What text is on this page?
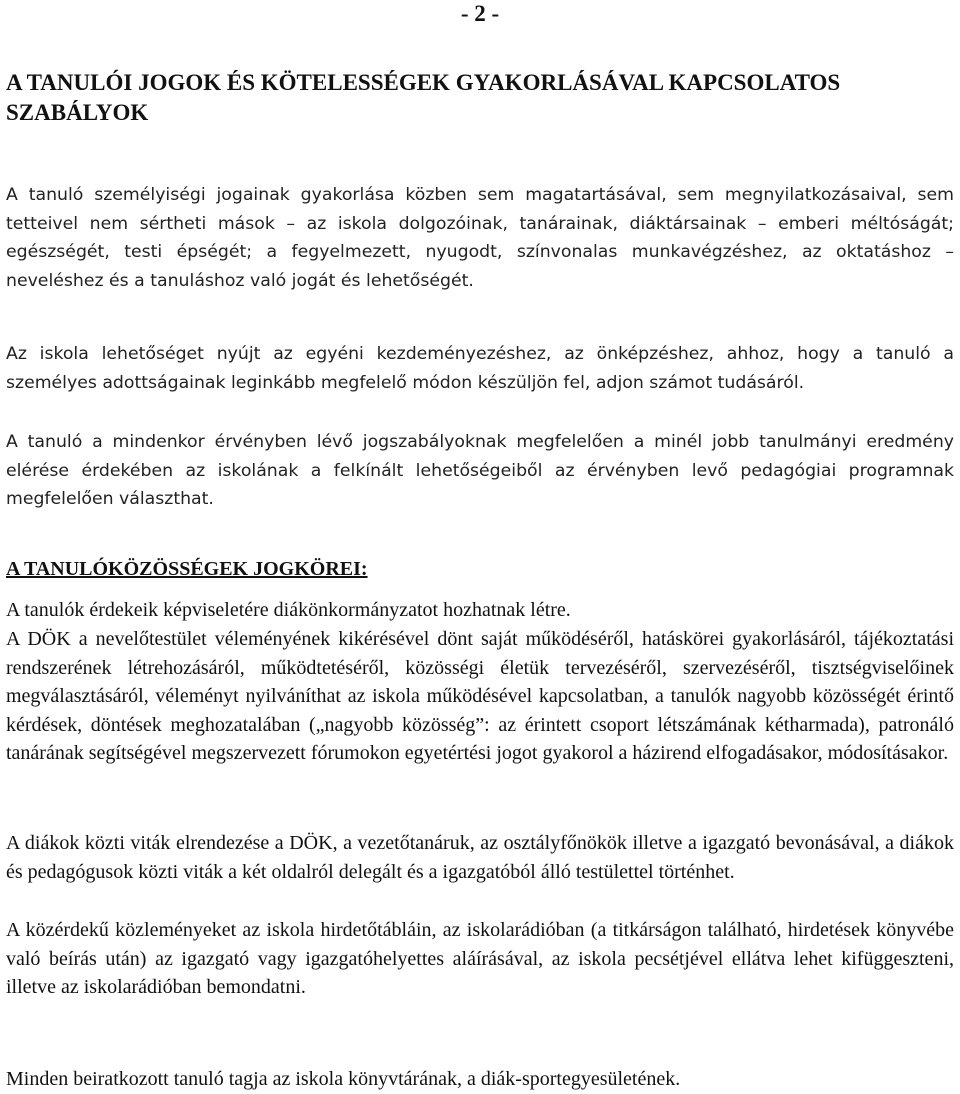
- 2 -
A TANULÓI JOGOK ÉS KÖTELESSÉGEK GYAKORLÁSÁVAL KAPCSOLATOS SZABÁLYOK

A tanuló személyiségi jogainak gyakorlása közben sem magatartásával, sem megnyilatkozásaival, sem tetteivel nem sértheti mások – az iskola dolgozóinak, tanárainak, diáktársainak – emberi méltóságát; egészségét, testi épségét; a fegyelmezett, nyugodt, színvonalas munkavégzéshez, az oktatáshoz – neveléshez és a tanuláshoz való jogát és lehetőségét.

Az iskola lehetőséget nyújt az egyéni kezdeményezéshez, az önképzéshez, ahhoz, hogy a tanuló a személyes adottságainak leginkább megfelelő módon készüljön fel, adjon számot tudásáról.

A tanuló a mindenkor érvényben lévő jogszabályoknak megfelelően a minél jobb tanulmányi eredmény elérése érdekében az iskolának a felkínált lehetőségeiből az érvényben levő pedagógiai programnak megfelelően választhat.

A TANULÓKÖZÖSSÉGEK JOGKÖREI:

A tanulók érdekeik képviseletére diákönkormányzatot hozhatnak létre.

A DÖK a nevelőtestület véleményének kikérésével dönt saját működéséről, hatáskörei gyakorlásáról, tájékoztatási rendszerének létrehozásáról, működtetéséről, közösségi életük tervezéséről, szervezéséről, tisztségviselőinek megválasztásáról, véleményt nyilváníthat az iskola működésével kapcsolatban, a tanulók nagyobb közösségét érintő kérdések, döntések meghozatalában („nagyobb közösség”: az érintett csoport létszámának kétharmada), patronáló tanárának segítségével megszervezett fórumokon egyetértési jogot gyakorol a házirend elfogadásakor, módosításakor.

A diákok közti viták elrendezése a DÖK, a vezetőtanáruk, az osztályfőnökök illetve a igazgató bevonásával, a diákok és pedagógusok közti viták a két oldalról delegált és a igazgatóból álló testülettel történhet.

A közérdekű közleményeket az iskola hirdetőtábláin, az iskolarádióban (a titkárságon található, hirdetések könyvébe való beírás után) az igazgató vagy igazgatóhelyettes aláírásával, az iskola pecsétjével ellátva lehet kifüggeszteni, illetve az iskolarádióban bemondatni.

Minden beiratkozott tanuló tagja az iskola könyvtárának, a diák-sportegyesületének.
